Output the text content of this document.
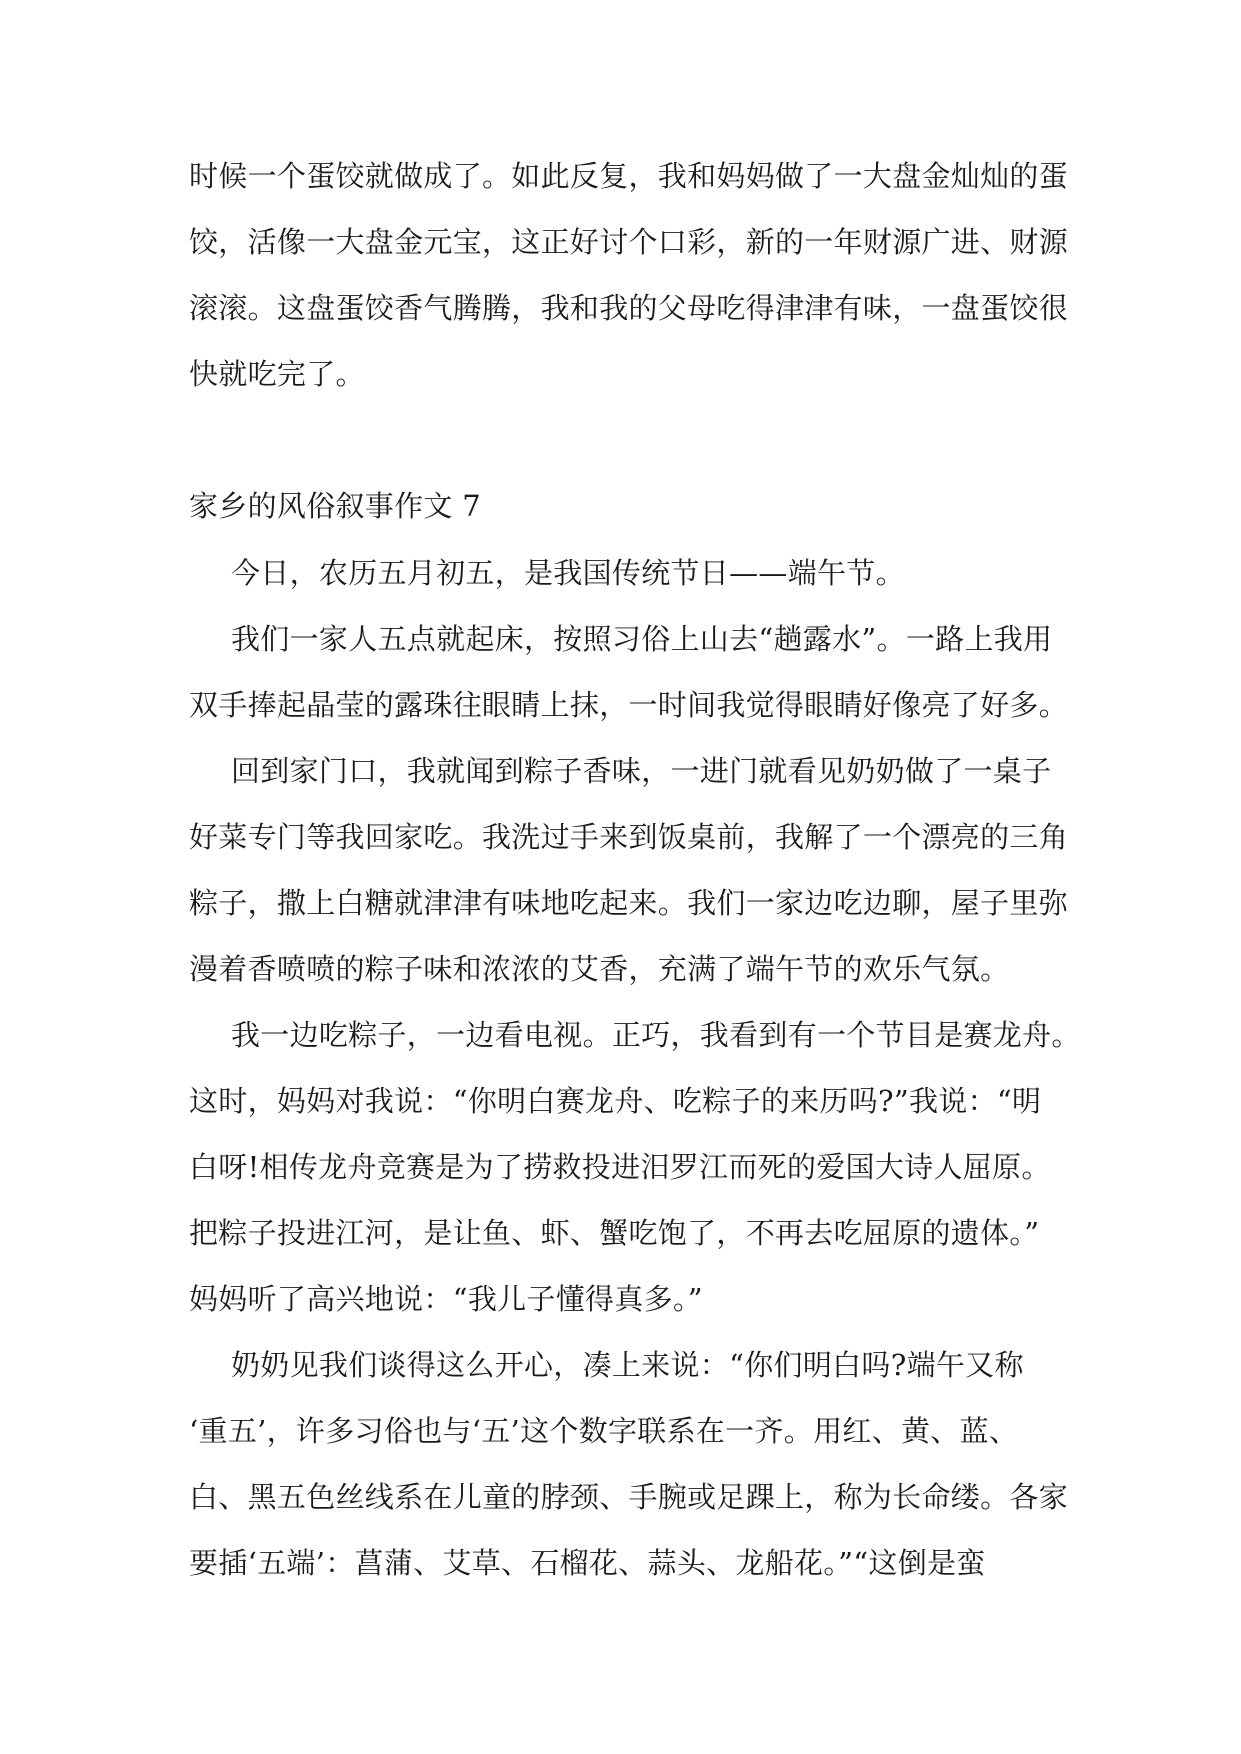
时候一个蛋饺就做成了。如此反复，我和妈妈做了一大盘金灿灿的蛋
饺，活像一大盘金元宝，这正好讨个口彩，新的一年财源广进、财源
滚滚。这盘蛋饺香气腾腾，我和我的父母吃得津津有味，一盘蛋饺很
快就吃完了。
家乡的风俗叙事作文 7
今日，农历五月初五，是我国传统节日——端午节。
我们一家人五点就起床，按照习俗上山去“趟露水”。一路上我用
双手捧起晶莹的露珠往眼睛上抹，一时间我觉得眼睛好像亮了好多。
回到家门口，我就闻到粽子香味，一进门就看见奶奶做了一桌子
好菜专门等我回家吃。我洗过手来到饭桌前，我解了一个漂亮的三角
粽子，撒上白糖就津津有味地吃起来。我们一家边吃边聊，屋子里弥
漫着香喷喷的粽子味和浓浓的艾香，充满了端午节的欢乐气氛。
我一边吃粽子，一边看电视。正巧，我看到有一个节目是赛龙舟。
这时，妈妈对我说：“你明白赛龙舟、吃粽子的来历吗?”我说：“明
白呀!相传龙舟竞赛是为了捞救投进汨罗江而死的爱国大诗人屈原。
把粽子投进江河，是让鱼、虾、蟹吃饱了，不再去吃屈原的遗体。”
妈妈听了高兴地说：“我儿子懂得真多。”
奶奶见我们谈得这么开心，凑上来说：“你们明白吗?端午又称
‘重五’，许多习俗也与‘五’这个数字联系在一齐。用红、黄、蓝、
白、黑五色丝线系在儿童的脖颈、手腕或足踝上，称为长命缕。各家
要插‘五端’：菖蒲、艾草、石榴花、蒜头、龙船花。”“这倒是蛮
